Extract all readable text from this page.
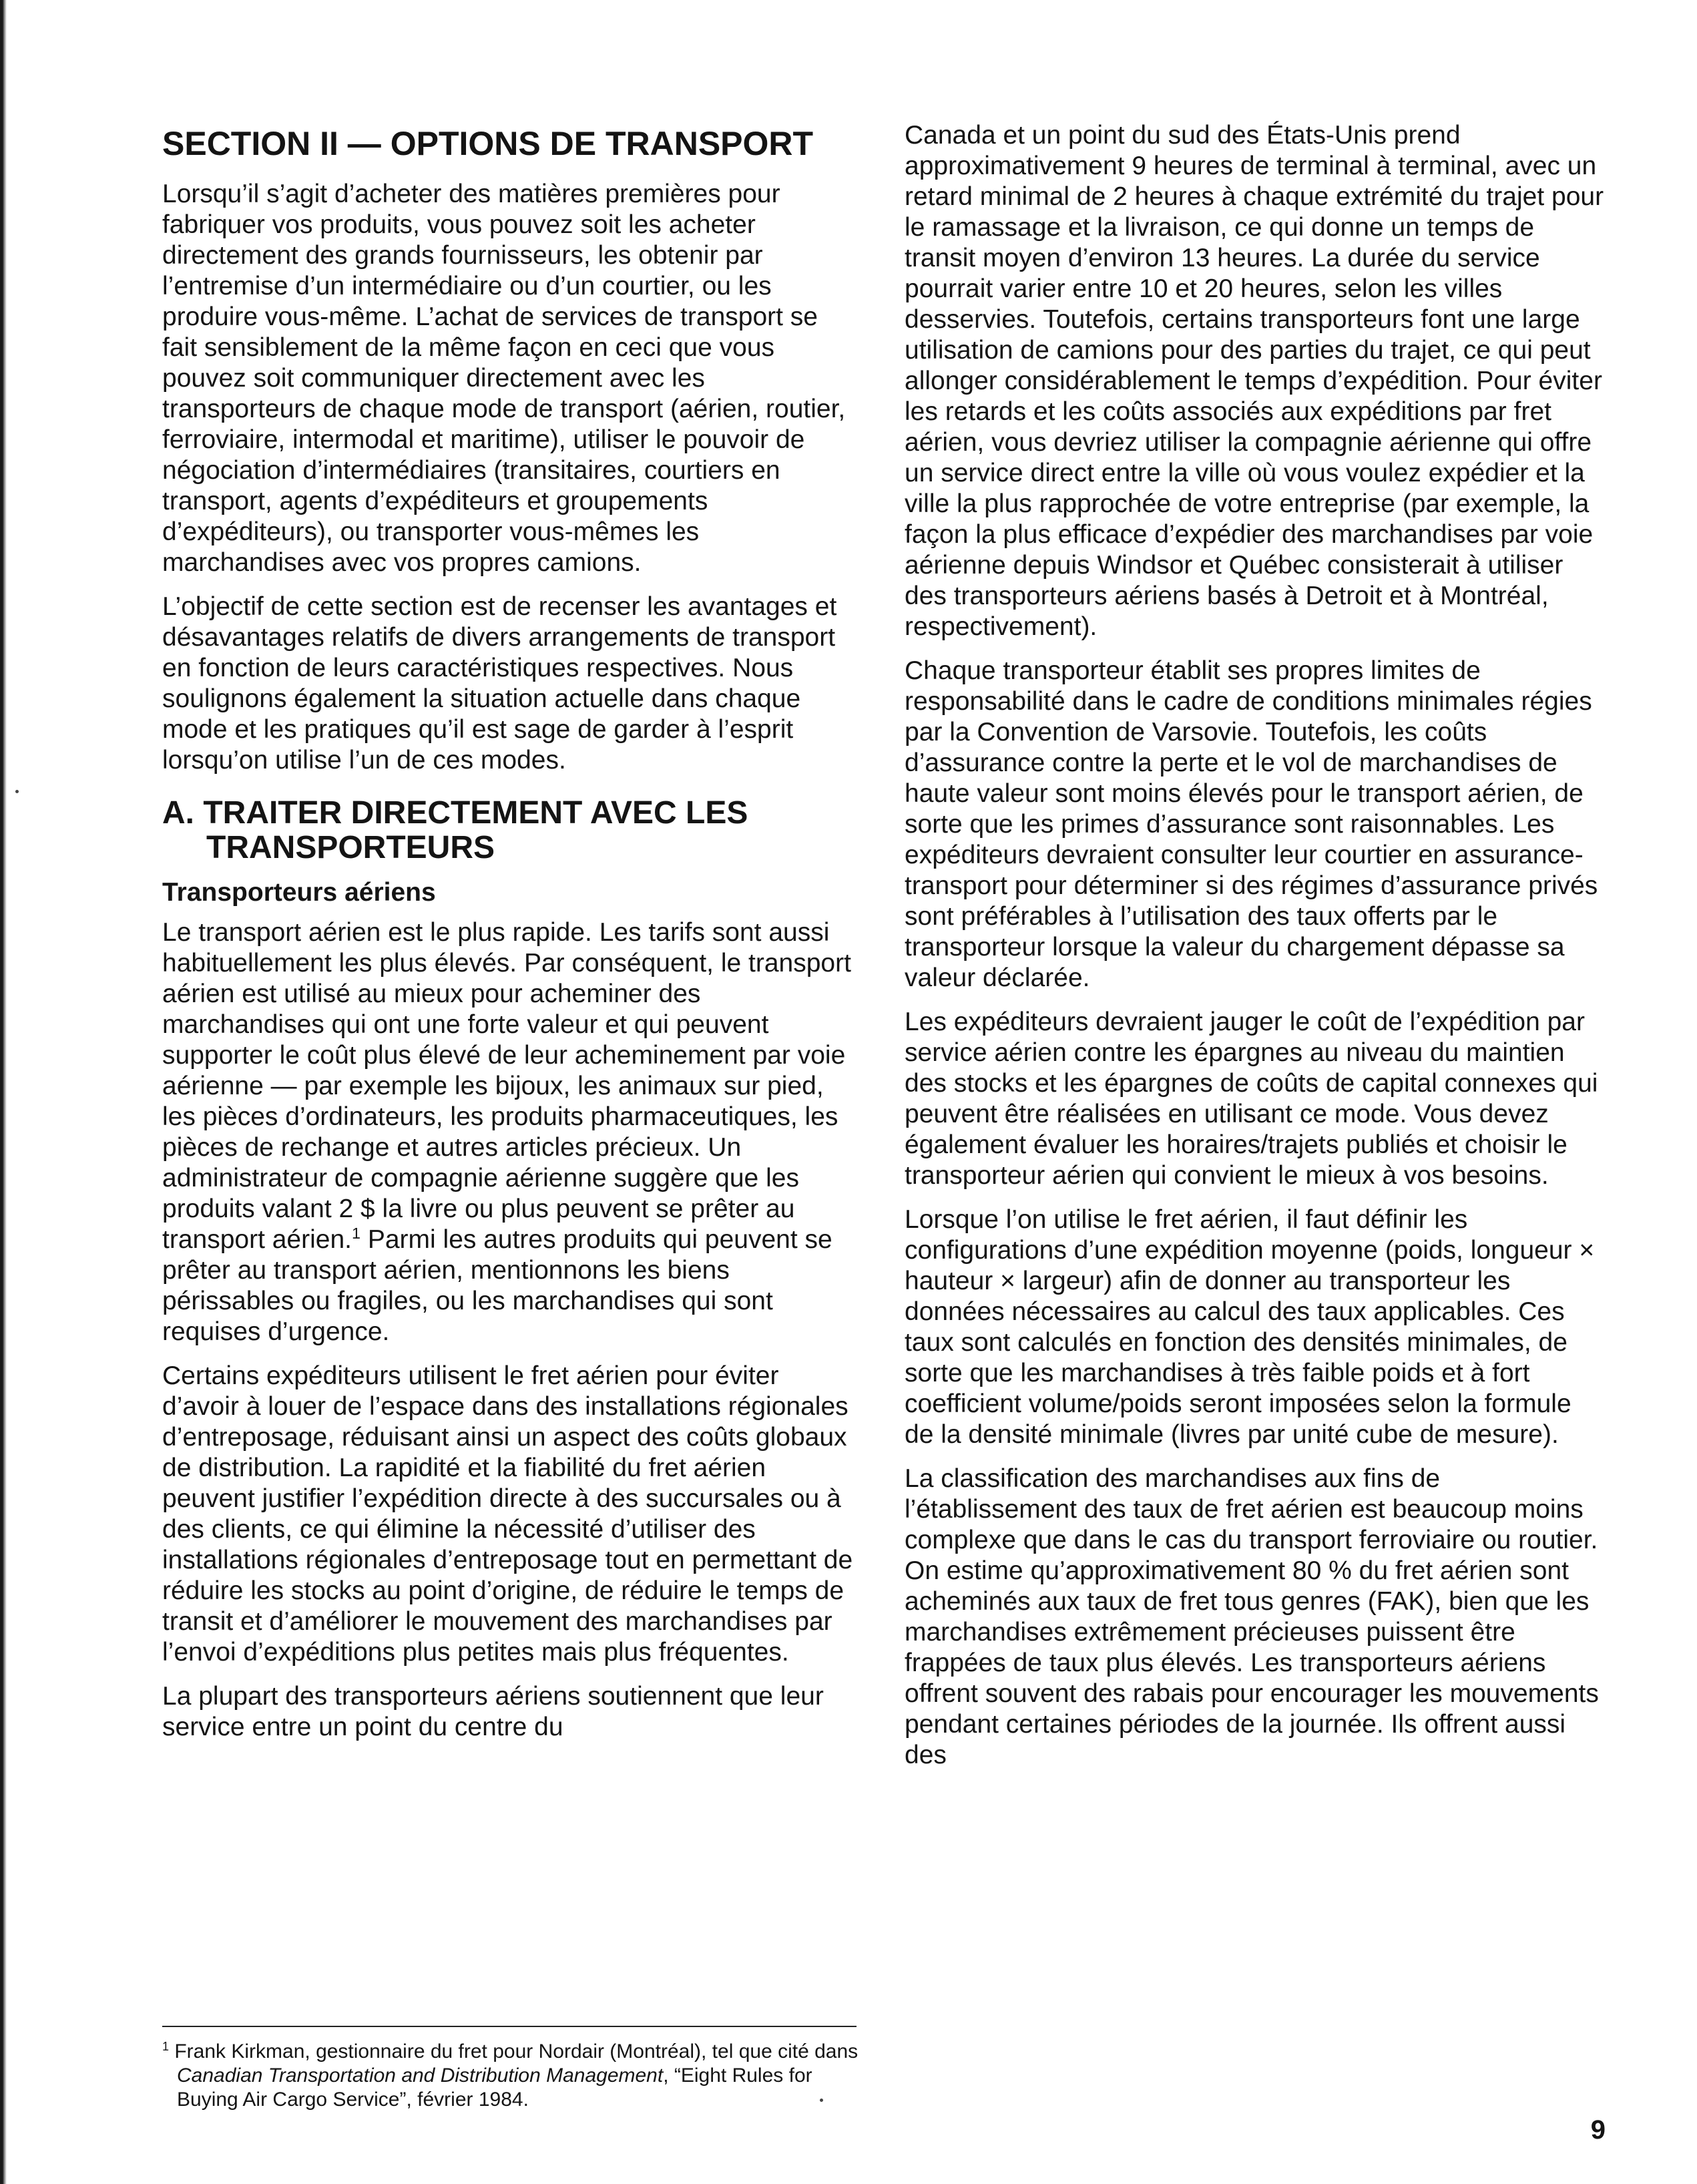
SECTION II — OPTIONS DE TRANSPORT

Lorsqu’il s’agit d’acheter des matières premières pour fabriquer vos produits, vous pouvez soit les acheter directement des grands fournisseurs, les obtenir par l’entremise d’un intermédiaire ou d’un courtier, ou les produire vous-même. L’achat de services de transport se fait sensiblement de la même façon en ceci que vous pouvez soit communiquer directement avec les transporteurs de chaque mode de transport (aérien, routier, ferroviaire, intermodal et maritime), utiliser le pouvoir de négociation d’intermédiaires (transitaires, courtiers en transport, agents d’expéditeurs et groupements d’expéditeurs), ou transporter vous-mêmes les marchandises avec vos propres camions.

L’objectif de cette section est de recenser les avantages et désavantages relatifs de divers arrangements de transport en fonction de leurs caractéristiques respectives. Nous soulignons également la situation actuelle dans chaque mode et les pratiques qu’il est sage de garder à l’esprit lorsqu’on utilise l’un de ces modes.

A. TRAITER DIRECTEMENT AVEC LES TRANSPORTEURS
Transporteurs aériens

Le transport aérien est le plus rapide. Les tarifs sont aussi habituellement les plus élevés. Par conséquent, le transport aérien est utilisé au mieux pour acheminer des marchandises qui ont une forte valeur et qui peuvent supporter le coût plus élevé de leur acheminement par voie aérienne — par exemple les bijoux, les animaux sur pied, les pièces d’ordinateurs, les produits pharmaceutiques, les pièces de rechange et autres articles précieux. Un administrateur de compagnie aérienne suggère que les produits valant 2 $ la livre ou plus peuvent se prêter au transport aérien.$^1$ Parmi les autres produits qui peuvent se prêter au transport aérien, mentionnons les biens périssables ou fragiles, ou les marchandises qui sont requises d’urgence.

Certains expéditeurs utilisent le fret aérien pour éviter d’avoir à louer de l’espace dans des installations régionales d’entreposage, réduisant ainsi un aspect des coûts globaux de distribution. La rapidité et la fiabilité du fret aérien peuvent justifier l’expédition directe à des succursales ou à des clients, ce qui élimine la nécessité d’utiliser des installations régionales d’entreposage tout en permettant de réduire les stocks au point d’origine, de réduire le temps de transit et d’améliorer le mouvement des marchandises par l’envoi d’expéditions plus petites mais plus fréquentes.

La plupart des transporteurs aériens soutiennent que leur service entre un point du centre du

$^1$ Frank Kirkman, gestionnaire du fret pour Nordair (Montréal), tel que cité dans Canadian Transportation and Distribution Management, “Eight Rules for Buying Air Cargo Service”, février 1984.

Canada et un point du sud des États-Unis prend approximativement 9 heures de terminal à terminal, avec un retard minimal de 2 heures à chaque extrémité du trajet pour le ramassage et la livraison, ce qui donne un temps de transit moyen d’environ 13 heures. La durée du service pourrait varier entre 10 et 20 heures, selon les villes desservies. Toutefois, certains transporteurs font une large utilisation de camions pour des parties du trajet, ce qui peut allonger considérablement le temps d’expédition. Pour éviter les retards et les coûts associés aux expéditions par fret aérien, vous devriez utiliser la compagnie aérienne qui offre un service direct entre la ville où vous voulez expédier et la ville la plus rapprochée de votre entreprise (par exemple, la façon la plus efficace d’expédier des marchandises par voie aérienne depuis Windsor et Québec consisterait à utiliser des transporteurs aériens basés à Detroit et à Montréal, respectivement).

Chaque transporteur établit ses propres limites de responsabilité dans le cadre de conditions minimales régies par la Convention de Varsovie. Toutefois, les coûts d’assurance contre la perte et le vol de marchandises de haute valeur sont moins élevés pour le transport aérien, de sorte que les primes d’assurance sont raisonnables. Les expéditeurs devraient consulter leur courtier en assurance-transport pour déterminer si des régimes d’assurance privés sont préférables à l’utilisation des taux offerts par le transporteur lorsque la valeur du chargement dépasse sa valeur déclarée.

Les expéditeurs devraient jauger le coût de l’expédition par service aérien contre les épargnes au niveau du maintien des stocks et les épargnes de coûts de capital connexes qui peuvent être réalisées en utilisant ce mode. Vous devez également évaluer les horaires/trajets publiés et choisir le transporteur aérien qui convient le mieux à vos besoins.

Lorsque l’on utilise le fret aérien, il faut définir les configurations d’une expédition moyenne (poids, longueur × hauteur × largeur) afin de donner au transporteur les données nécessaires au calcul des taux applicables. Ces taux sont calculés en fonction des densités minimales, de sorte que les marchandises à très faible poids et à fort coefficient volume/poids seront imposées selon la formule de la densité minimale (livres par unité cube de mesure).

La classification des marchandises aux fins de l’établissement des taux de fret aérien est beaucoup moins complexe que dans le cas du transport ferroviaire ou routier. On estime qu’approximativement 80 % du fret aérien sont acheminés aux taux de fret tous genres (FAK), bien que les marchandises extrêmement précieuses puissent être frappées de taux plus élevés. Les transporteurs aériens offrent souvent des rabais pour encourager les mouvements pendant certaines périodes de la journée. Ils offrent aussi des

9
